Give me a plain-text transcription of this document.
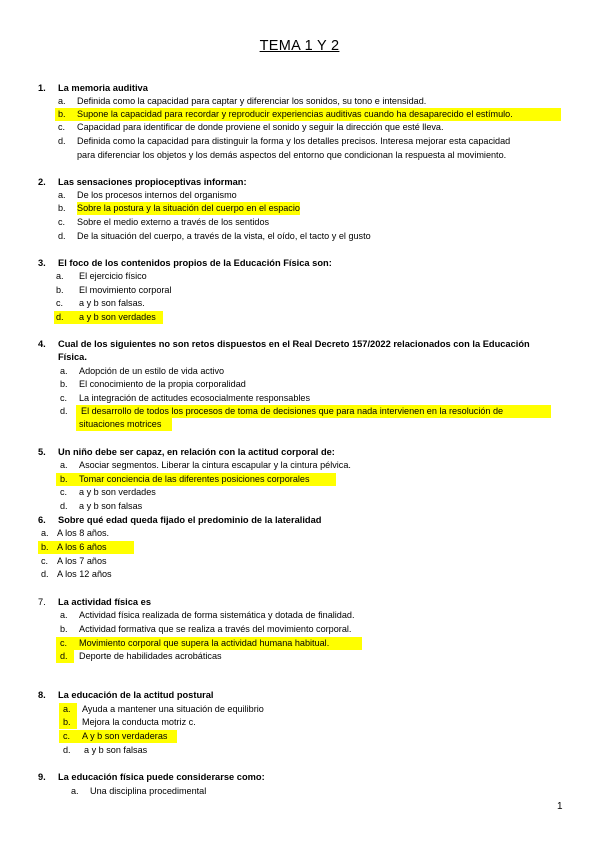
TEMA 1 Y 2
1. La memoria auditiva
a. Definida como la capacidad para captar y diferenciar los sonidos, su tono e intensidad.
b. Supone la capacidad para recordar y reproducir experiencias auditivas cuando ha desaparecido el estímulo.
c. Capacidad para identificar de donde proviene el sonido y seguir la dirección que esté lleva.
d. Definida como la capacidad para distinguir la forma y los detalles precisos. Interesa mejorar esta capacidad
para diferenciar los objetos y los demás aspectos del entorno que condicionan la respuesta al movimiento.
2. Las sensaciones propioceptivas informan:
a. De los procesos internos del organismo
b. Sobre la postura y la situación del cuerpo en el espacio
c. Sobre el medio externo a través de los sentidos
d. De la situación del cuerpo, a través de la vista, el oído, el tacto y el gusto
3. El foco de los contenidos propios de la Educación Física son:
a. El ejercicio físico
b. El movimiento corporal
c. a y b son falsas.
d. a y b son verdades
4. Cual de los siguientes no son retos dispuestos en el Real Decreto 157/2022 relacionados con la Educación
Física.
a. Adopción de un estilo de vida activo
b. El conocimiento de la propia corporalidad
c. La integración de actitudes ecosocialmente responsables
d. El desarrollo de todos los procesos de toma de decisiones que para nada intervienen en la resolución de
situaciones motrices
5. Un niño debe ser capaz, en relación con la actitud corporal de:
a. Asociar segmentos. Liberar la cintura escapular y la cintura pélvica.
b. Tomar conciencia de las diferentes posiciones corporales
c. a y b son verdades
d. a y b son falsas
6. Sobre qué edad queda fijado el predominio de la lateralidad
a. A los 8 años.
b. A los 6 años
c. A los 7 años
d. A los 12 años
7. La actividad física es
a. Actividad física realizada de forma sistemática y dotada de finalidad.
b. Actividad formativa que se realiza a través del movimiento corporal.
c. Movimiento corporal que supera la actividad humana habitual.
d. Deporte de habilidades acrobáticas
8. La educación de la actitud postural
a. Ayuda a mantener una situación de equilibrio
b. Mejora la conducta motriz c.
c. A y b son verdaderas
d. a y b son falsas
9. La educación física puede considerarse como:
a. Una disciplina procedimental
1
